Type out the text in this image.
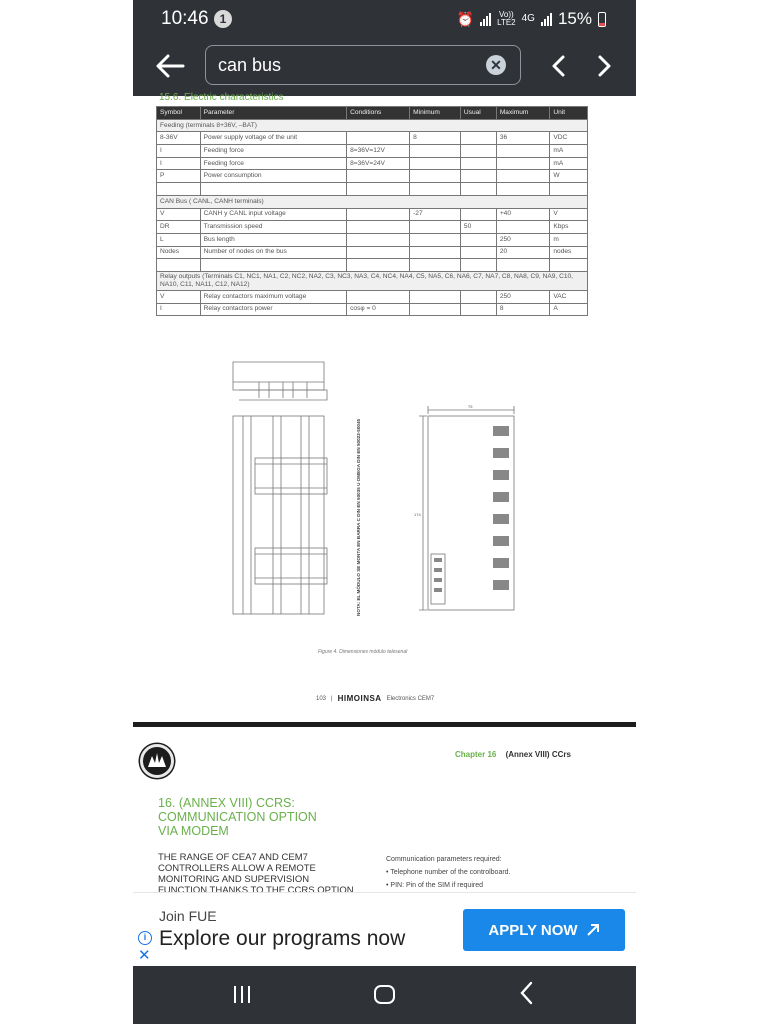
10:46 1	⏰	Vo))
LTE2 4G 15%
can bus	✕
15.6. Electric characteristics
Symbol	Parameter	Conditions	Minimum	Usual	Maximum	Unit
Feeding (terminals 8+36V, –BAT)						
8-36V	Power supply voltage of the unit		8		36	VDC
I	Feeding force	8=36V=12V				mA
I	Feeding force	8=36V=24V				mA
P	Power consumption					W

CAN Bus ( CANL, CANH terminals)						
V	CANH y CANL input voltage		-27		+40	V
DR	Transmission speed			50		Kbps
L	Bus length				250	m
Nodes	Number of nodes on the bus				20	nodes

Relay outputs (Terminals C1, NC1, NA1, C2, NC2, NA2, C3, NC3, NA3, C4, NC4, NA4, C5, NA5, C6, NA6, C7, NA7, C8, NA8, C9, NA9, C10, NA10, C11, NA11, C12, NA12)						
V	Relay contactors maximum voltage				250	VAC
I	Relay contactors power	cosφ = 0			8	A
NOTA: EL MÓDULO SE MONTA EN BARRA C DIN EN 50035 U OMEGA DIN EN 50022-50045
75
174
Figure 4. Dimensiones módulo telesenal
103 | HIMOINSA Electronics CEM7
Chapter 16 (Annex VIII) CCrs
16. (ANNEX VIII) CCRS: COMMUNICATION OPTION VIA MODEM
THE RANGE OF CEA7 AND CEM7 CONTROLLERS ALLOW A REMOTE MONITORING AND SUPERVISION FUNCTION THANKS TO THE CCRS OPTION
Communication parameters required:
• Telephone number of the controlboard.
• PIN: Pin of the SIM if required
i
✕
Join FUE
Explore our programs now	APPLY NOW
